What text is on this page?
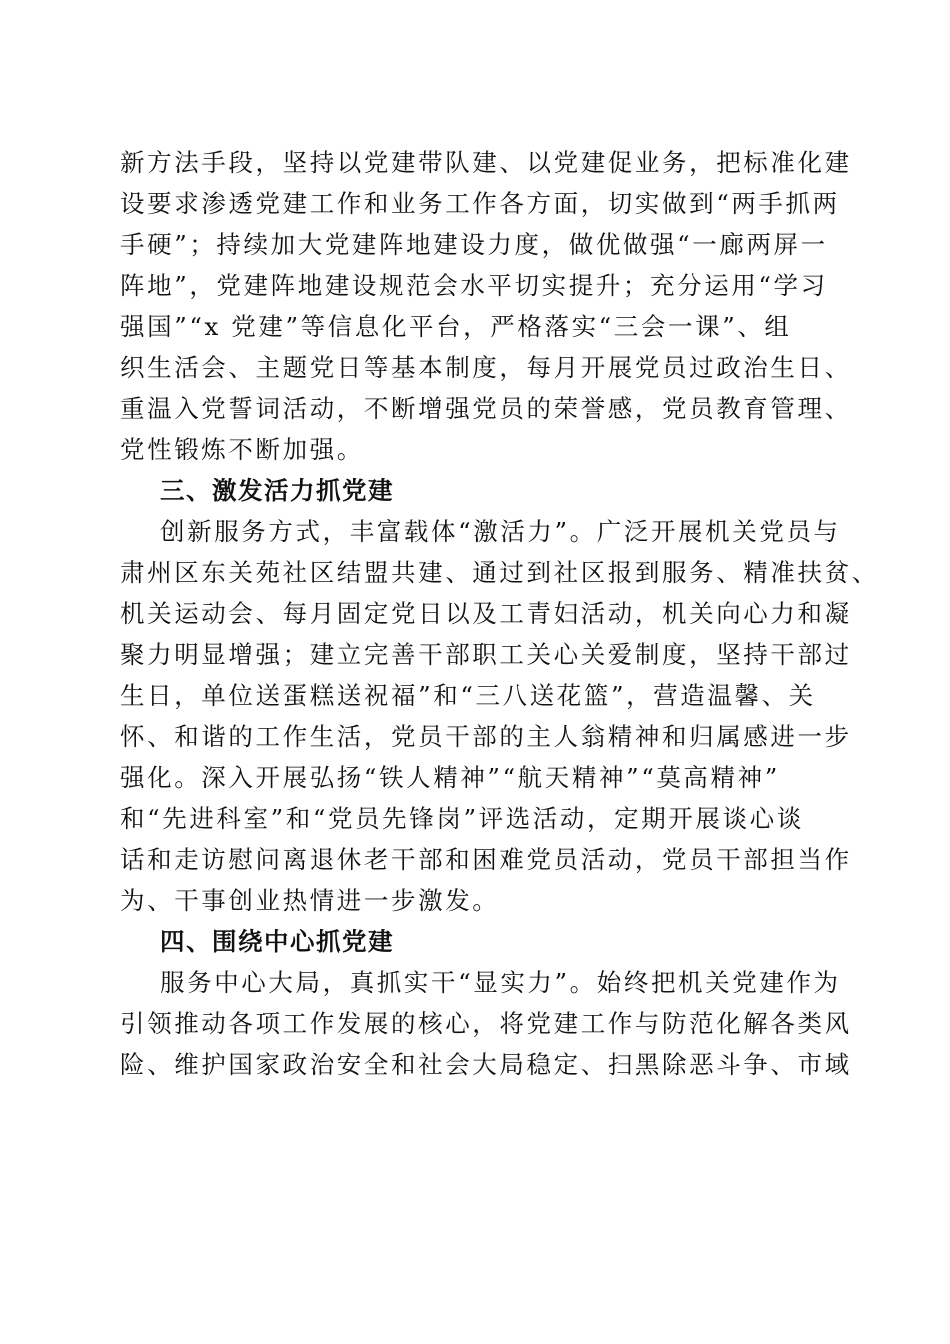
新方法手段，坚持以党建带队建、以党建促业务，把标准化建
设要求渗透党建工作和业务工作各方面，切实做到“两手抓两
手硬”；持续加大党建阵地建设力度，做优做强“一廊两屏一
阵地”，党建阵地建设规范会水平切实提升；充分运用“学习
强国”“x 党建”等信息化平台，严格落实“三会一课”、组
织生活会、主题党日等基本制度，每月开展党员过政治生日、
重温入党誓词活动，不断增强党员的荣誉感，党员教育管理、
党性锻炼不断加强。
三、激发活力抓党建
创新服务方式，丰富载体“激活力”。广泛开展机关党员与
肃州区东关苑社区结盟共建、通过到社区报到服务、精准扶贫、
机关运动会、每月固定党日以及工青妇活动，机关向心力和凝
聚力明显增强；建立完善干部职工关心关爱制度，坚持干部过
生日，单位送蛋糕送祝福”和“三八送花篮”，营造温馨、关
怀、和谐的工作生活，党员干部的主人翁精神和归属感进一步
强化。深入开展弘扬“铁人精神”“航天精神”“莫高精神”
和“先进科室”和“党员先锋岗”评选活动，定期开展谈心谈
话和走访慰问离退休老干部和困难党员活动，党员干部担当作
为、干事创业热情进一步激发。
四、围绕中心抓党建
服务中心大局，真抓实干“显实力”。始终把机关党建作为
引领推动各项工作发展的核心，将党建工作与防范化解各类风
险、维护国家政治安全和社会大局稳定、扫黑除恶斗争、市域
